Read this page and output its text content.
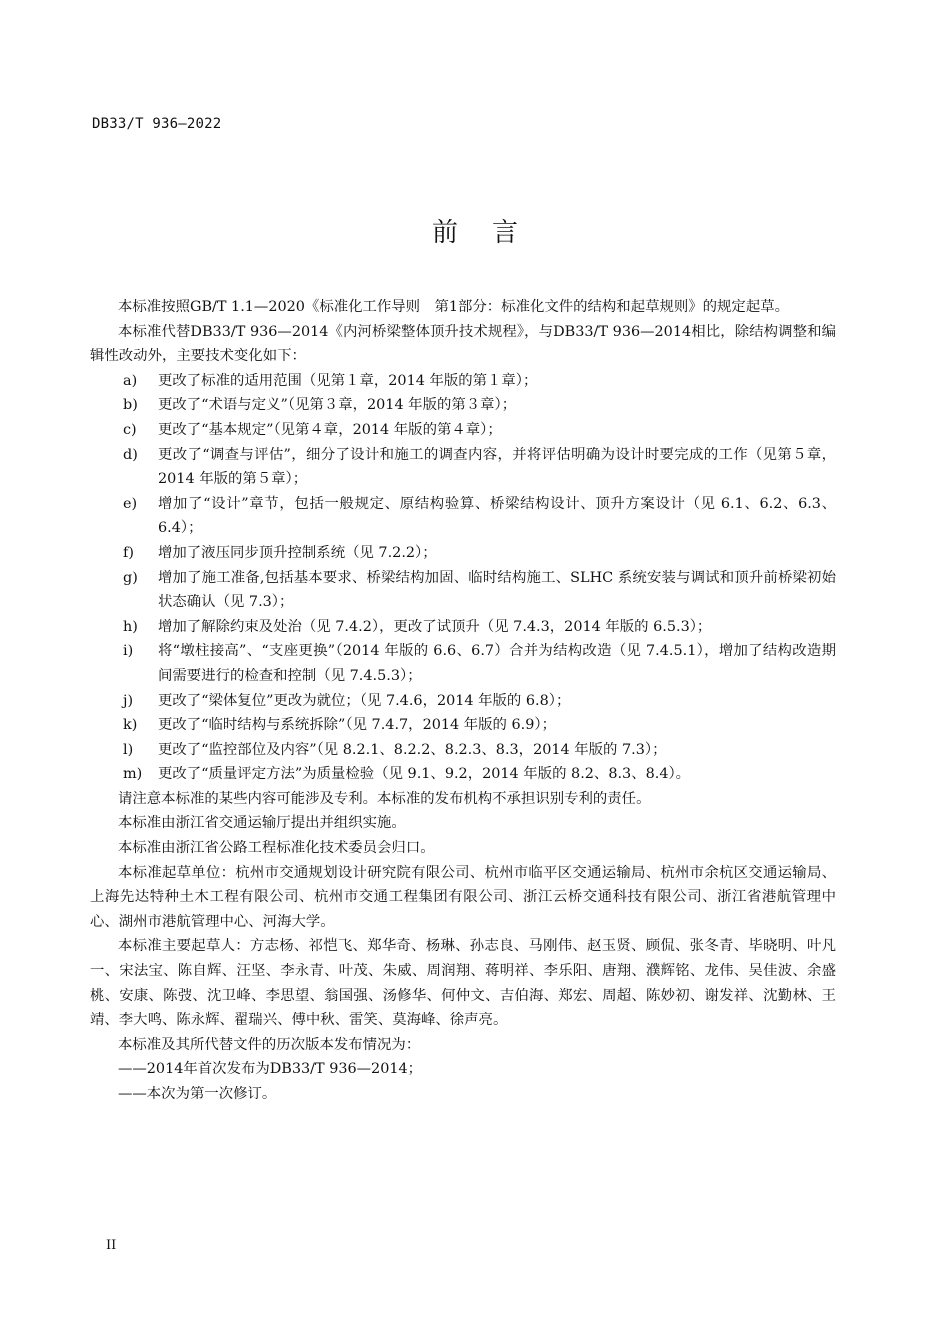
DB33/T 936—2022
前言

本标准按照GB/T 1.1—2020《标准化工作导则　第1部分：标准化文件的结构和起草规则》的规定起草。

本标准代替DB33/T 936—2014《内河桥梁整体顶升技术规程》，与DB33/T 936—2014相比，除结构调整和编辑性改动外，主要技术变化如下：

a) 更改了标准的适用范围（见第１章，2014 年版的第１章）；

b) 更改了“术语与定义”（见第３章，2014 年版的第３章）；

c) 更改了“基本规定”（见第４章，2014 年版的第４章）；

d) 更改了“调查与评估”，细分了设计和施工的调查内容，并将评估明确为设计时要完成的工作（见第５章，2014 年版的第５章）；

e) 增加了“设计”章节，包括一般规定、原结构验算、桥梁结构设计、顶升方案设计（见 6.1、6.2、6.3、6.4）；

f) 增加了液压同步顶升控制系统（见 7.2.2）；

g) 增加了施工准备,包括基本要求、桥梁结构加固、临时结构施工、SLHC 系统安装与调试和顶升前桥梁初始状态确认（见 7.3）；

h) 增加了解除约束及处治（见 7.4.2），更改了试顶升（见 7.4.3，2014 年版的 6.5.3）；

i) 将“墩柱接高”、“支座更换”（2014 年版的 6.6、6.7）合并为结构改造（见 7.4.5.1），增加了结构改造期间需要进行的检查和控制（见 7.4.5.3）；

j) 更改了“梁体复位”更改为就位；（见 7.4.6，2014 年版的 6.8）；

k) 更改了“临时结构与系统拆除”（见 7.4.7，2014 年版的 6.9）；

l) 更改了“监控部位及内容”（见 8.2.1、8.2.2、8.2.3、8.3，2014 年版的 7.3）；

m) 更改了“质量评定方法”为质量检验（见 9.1、9.2，2014 年版的 8.2、8.3、8.4）。

请注意本标准的某些内容可能涉及专利。本标准的发布机构不承担识别专利的责任。

本标准由浙江省交通运输厅提出并组织实施。

本标准由浙江省公路工程标准化技术委员会归口。

本标准起草单位：杭州市交通规划设计研究院有限公司、杭州市临平区交通运输局、杭州市余杭区交通运输局、上海先达特种土木工程有限公司、杭州市交通工程集团有限公司、浙江云桥交通科技有限公司、浙江省港航管理中心、湖州市港航管理中心、河海大学。

本标准主要起草人：方志杨、祁恺飞、郑华奇、杨琳、孙志良、马刚伟、赵玉贤、顾侃、张冬青、毕晓明、叶凡一、宋法宝、陈自辉、汪坚、李永青、叶茂、朱威、周润翔、蒋明祥、李乐阳、唐翔、濮辉铭、龙伟、吴佳波、余盛桃、安康、陈弢、沈卫峰、李思望、翁国强、汤修华、何仲文、吉伯海、郑宏、周超、陈妙初、谢发祥、沈勤林、王靖、李大鸣、陈永辉、翟瑞兴、傅中秋、雷笑、莫海峰、徐声亮。

本标准及其所代替文件的历次版本发布情况为：

——2014年首次发布为DB33/T 936—2014；

——本次为第一次修订。

II
